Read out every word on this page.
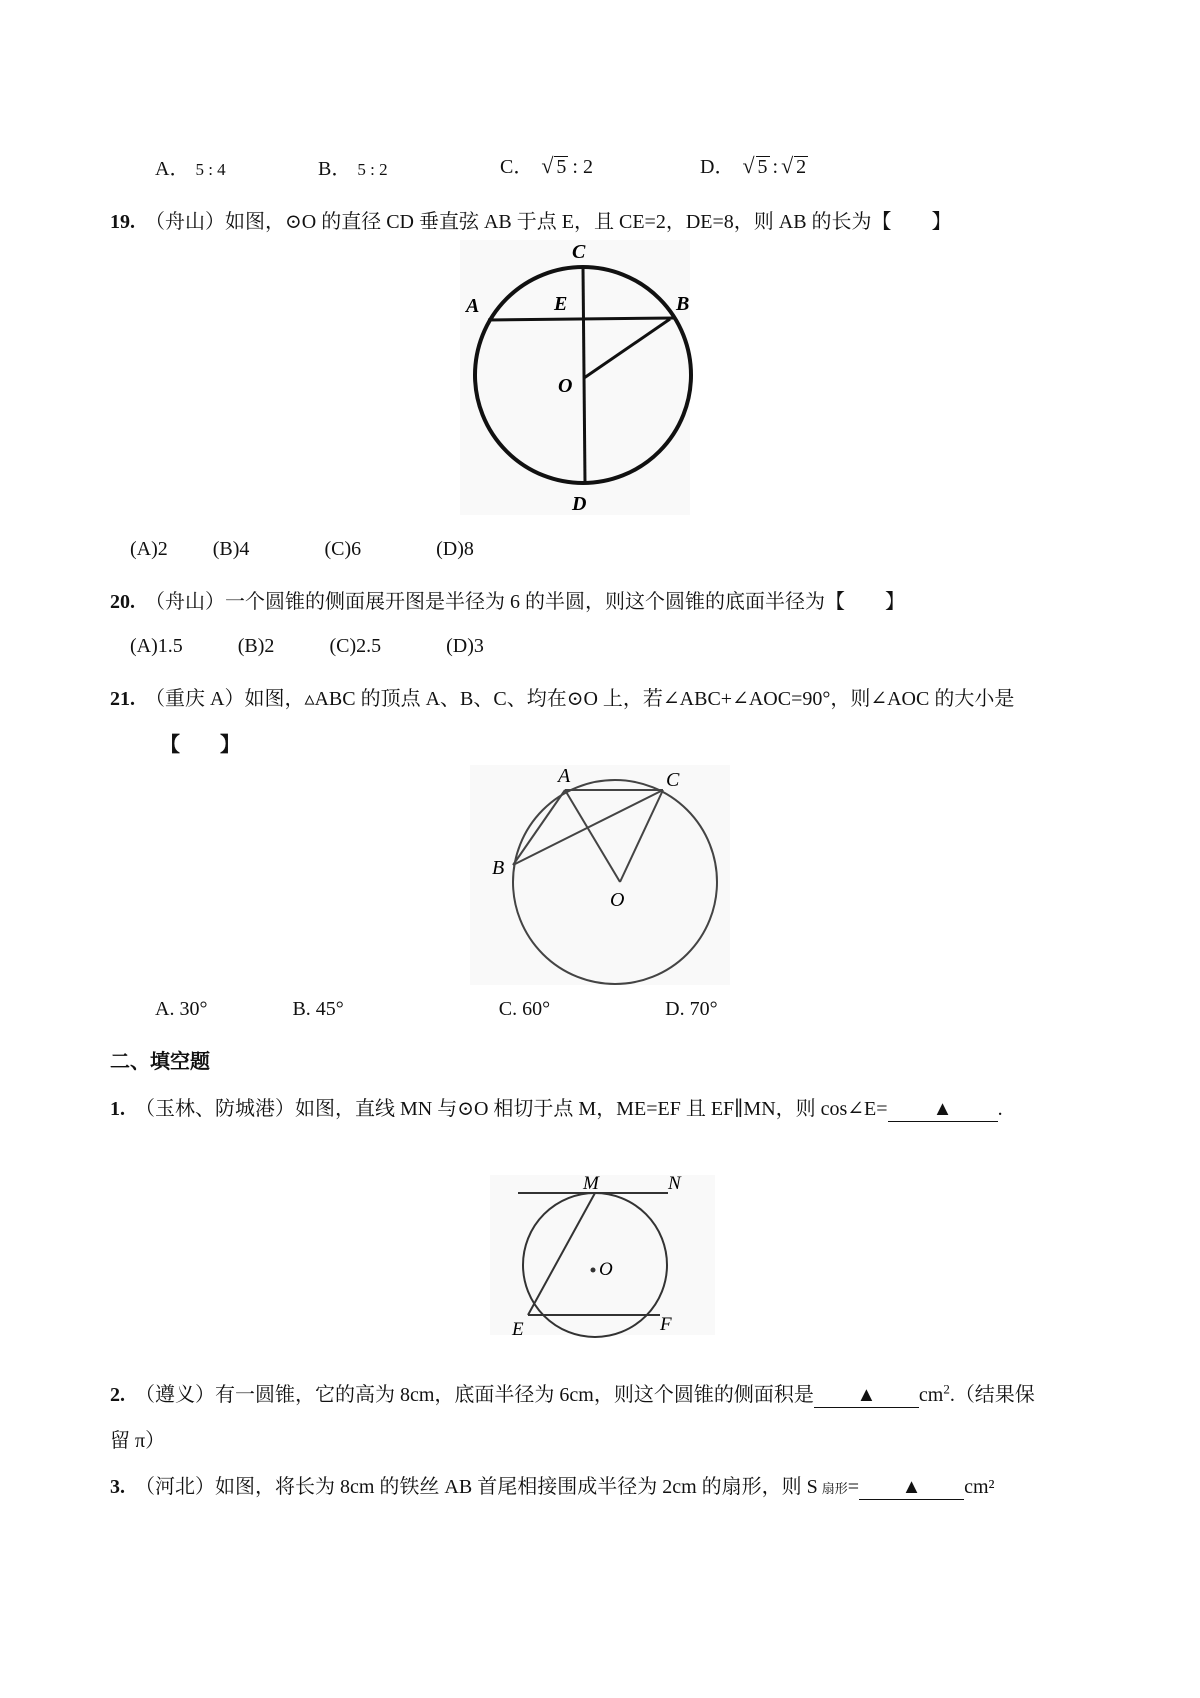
A． 5 : 4	B． 5 : 2	C． √ 5 : 2	D． √ 5 : √ 2
19. （舟山）如图，⊙O 的直径 CD 垂直弦 AB 于点 E，且 CE=2，DE=8，则 AB 的长为【　　】
C
A	E	B
O
D
(A)2 (B)4	(C)6	(D)8
20. （舟山）一个圆锥的侧面展开图是半径为 6 的半圆，则这个圆锥的底面半径为【　　】
(A)1.5	(B)2	(C)2.5	(D)3
21. （重庆 A）如图，▵ABC 的顶点 A、B、C、均在⊙O 上，若∠ABC+∠AOC=90°，则∠AOC 的大小是
【　　】
A	C
B
O
A. 30°	B. 45°	C. 60°	D. 70°
二、填空题
1. （玉林、防城港）如图，直线 MN 与⊙O 相切于点 M，ME=EF 且 EF∥MN，则 cos∠E= ▲ .
M	N
O
E	F
2. （遵义）有一圆锥，它的高为 8cm，底面半径为 6cm，则这个圆锥的侧面积是 ▲ $cm^2$.（结果保
留 π）
3. （河北）如图，将长为 8cm 的铁丝 AB 首尾相接围成半径为 2cm 的扇形，则 S 扇形= ▲ cm²
